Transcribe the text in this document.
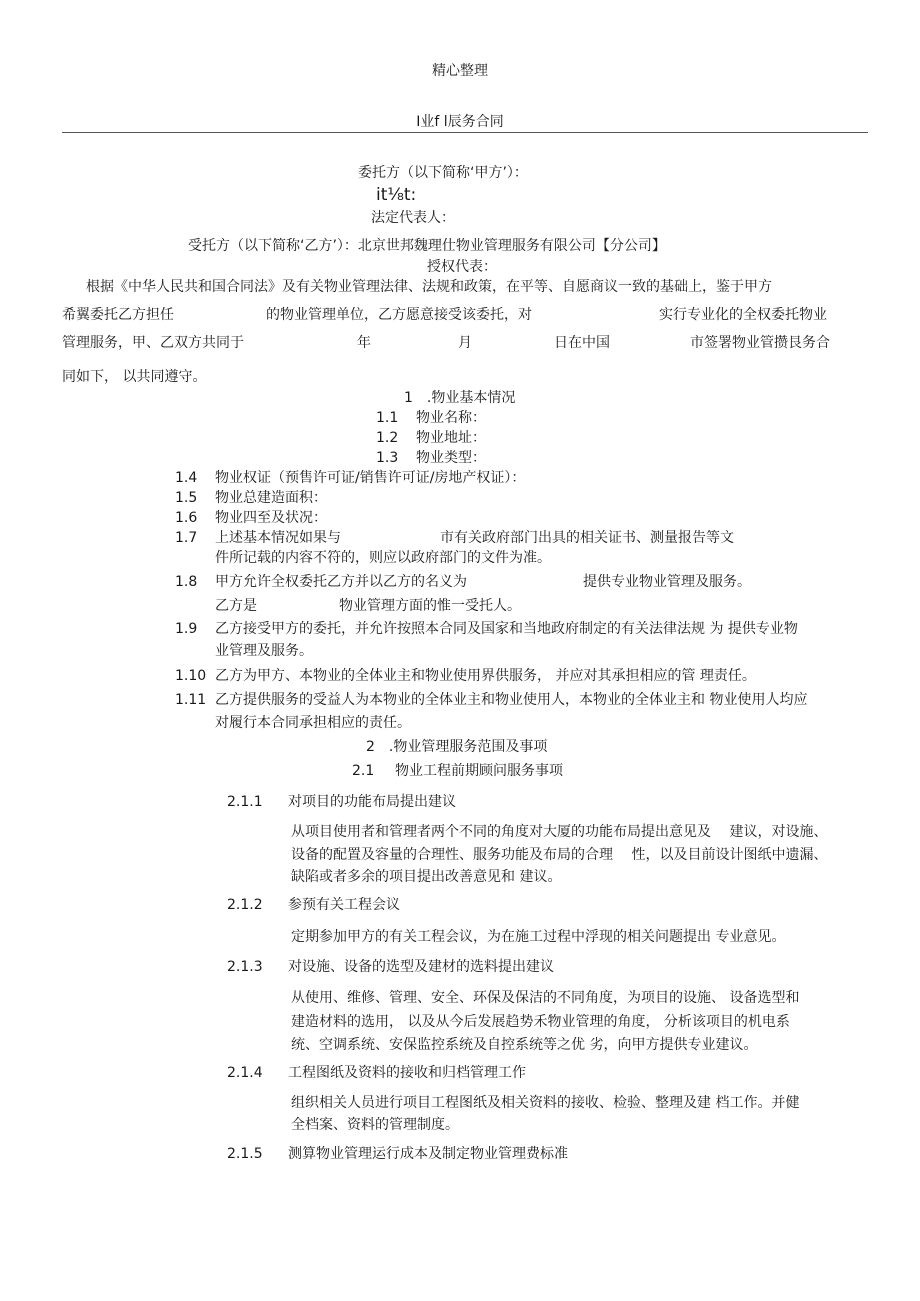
精心整理
I业f l辰务合同
委托方（以下简称‘甲方’）：
it⅛t:
法定代表人：
受托方（以下简称‘乙方’）：北京世邦魏理仕物业管理服务有限公司【分公司】
授权代表：
根据《中华人民共和国合同法》及有关物业管理法律、法规和政策，在平等、自愿商议一致的基础上，鉴于甲方
希翼委托乙方担任	的物业管理单位，乙方愿意接受该委托，对	实行专业化的全权委托物业
管理服务，甲、乙双方共同于	年	月	日在中国	市签署物业管攒艮务合
同如下， 以共同遵守。
1　.物业基本情况
1.1 物业名称：
1.2 物业地址：
1.3 物业类型：
1.4 物业权证（预售许可证/销售许可证/房地产权证）：
1.5 物业总建造面积：
1.6 物业四至及状况：
1.7 上述基本情况如果与	市有关政府部门出具的相关证书、测量报告等文
件所记载的内容不符的，则应以政府部门的文件为准。
1.8 甲方允许全权委托乙方并以乙方的名义为	提供专业物业管理及服务。
乙方是	物业管理方面的惟一受托人。
1.9 乙方接受甲方的委托，并允许按照本合同及国家和当地政府制定的有关法律法规 为 提供专业物
业管理及服务。
1.10 乙方为甲方、本物业的全体业主和物业使用界供服务， 并应对其承担相应的管 理责任。
1.11 乙方提供服务的受益人为本物业的全体业主和物业使用人，本物业的全体业主和 物业使用人均应
对履行本合同承担相应的责任。
2　.物业管理服务范围及事项
2.1 物业工程前期顾问服务事项
2.1.1 对项目的功能布局提出建议
从项目使用者和管理者两个不同的角度对大厦的功能布局提出意见及　 建议，对设施、
设备的配置及容量的合理性、服务功能及布局的合理　 性，以及目前设计图纸中遗漏、
缺陷或者多余的项目提出改善意见和 建议。
2.1.2 参预有关工程会议
定期参加甲方的有关工程会议，为在施工过程中浮现的相关问题提出 专业意见。
2.1.3 对设施、设备的选型及建材的选料提出建议
从使用、维修、管理、安全、环保及保洁的不同角度，为项目的设施、 设备选型和
建造材料的选用， 以及从今后发展趋势禾物业管理的角度， 分析该项目的机电系
统、空调系统、安保监控系统及自控系统等之优 劣，向甲方提供专业建议。
2.1.4 工程图纸及资料的接收和归档管理工作
组织相关人员进行项目工程图纸及相关资料的接收、检验、整理及建 档工作。并健
全档案、资料的管理制度。
2.1.5 测算物业管理运行成本及制定物业管理费标准
